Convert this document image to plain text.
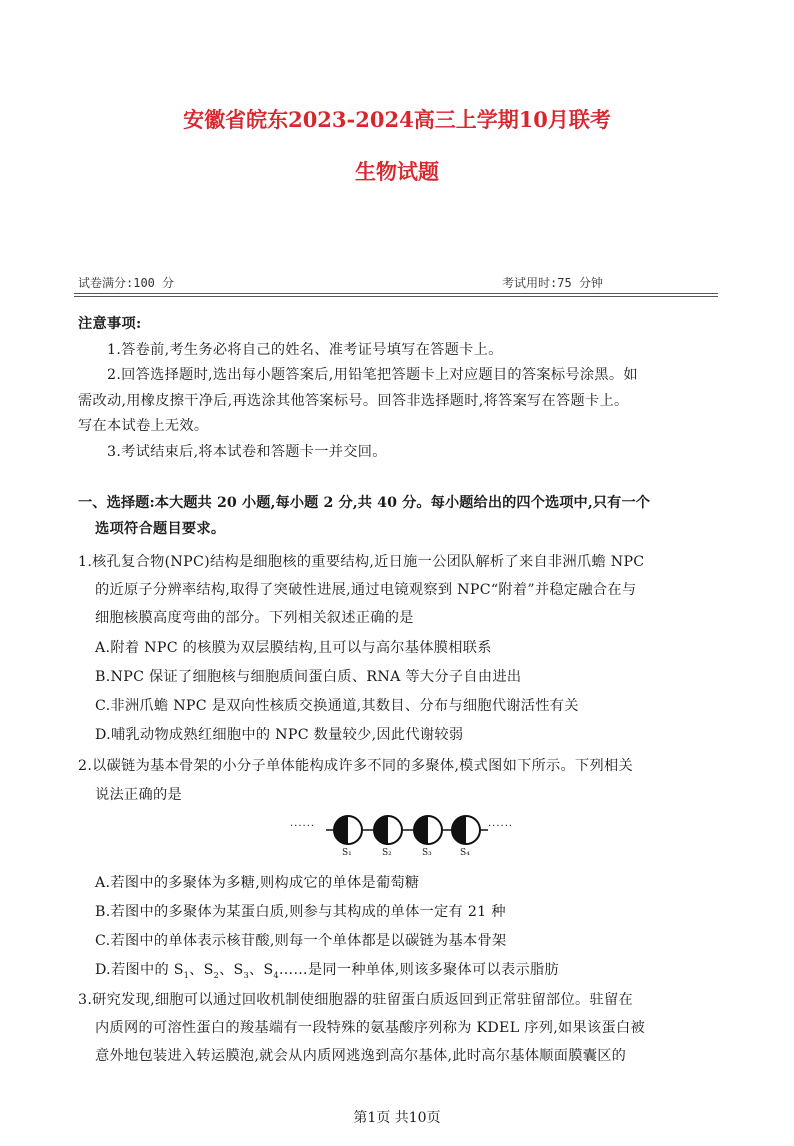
安徽省皖东2023-2024高三上学期10月联考
生物试题
试卷满分:100 分	考试用时:75 分钟
注意事项:
1.答卷前,考生务必将自己的姓名、准考证号填写在答题卡上。
2.回答选择题时,选出每小题答案后,用铅笔把答题卡上对应题目的答案标号涂黑。如
需改动,用橡皮擦干净后,再选涂其他答案标号。回答非选择题时,将答案写在答题卡上。
写在本试卷上无效。
3.考试结束后,将本试卷和答题卡一并交回。
一、选择题:本大题共 20 小题,每小题 2 分,共 40 分。每小题给出的四个选项中,只有一个
选项符合题目要求。
1.核孔复合物(NPC)结构是细胞核的重要结构,近日施一公团队解析了来自非洲爪蟾 NPC
的近原子分辨率结构,取得了突破性进展,通过电镜观察到 NPC“附着”并稳定融合在与
细胞核膜高度弯曲的部分。下列相关叙述正确的是
A.附着 NPC 的核膜为双层膜结构,且可以与高尔基体膜相联系
B.NPC 保证了细胞核与细胞质间蛋白质、RNA 等大分子自由进出
C.非洲爪蟾 NPC 是双向性核质交换通道,其数目、分布与细胞代谢活性有关
D.哺乳动物成熟红细胞中的 NPC 数量较少,因此代谢较弱
2.以碳链为基本骨架的小分子单体能构成许多不同的多聚体,模式图如下所示。下列相关
说法正确的是
······	······
S₁	S₂	S₃	S₄
A.若图中的多聚体为多糖,则构成它的单体是葡萄糖
B.若图中的多聚体为某蛋白质,则参与其构成的单体一定有 21 种
C.若图中的单体表示核苷酸,则每一个单体都是以碳链为基本骨架
D.若图中的 $S_1$、$S_2$、$S_3$、$S_4\dots\dots$是同一种单体,则该多聚体可以表示脂肪
3.研究发现,细胞可以通过回收机制使细胞器的驻留蛋白质返回到正常驻留部位。驻留在
内质网的可溶性蛋白的羧基端有一段特殊的氨基酸序列称为 KDEL 序列,如果该蛋白被
意外地包装进入转运膜泡,就会从内质网逃逸到高尔基体,此时高尔基体顺面膜囊区的
第1页 共10页
